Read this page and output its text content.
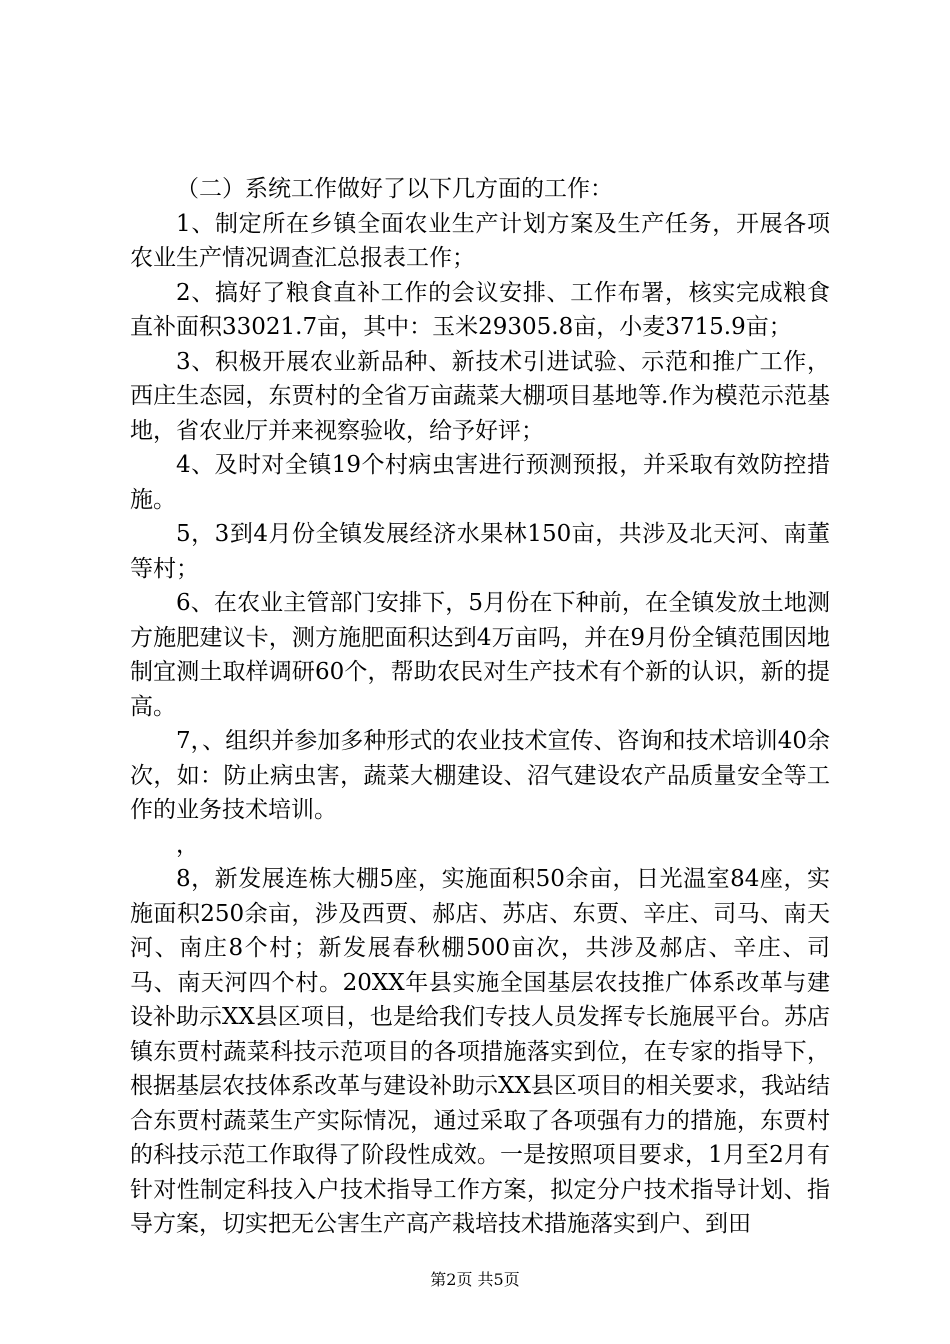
（二）系统工作做好了以下几方面的工作：

1、制定所在乡镇全面农业生产计划方案及生产任务，开展各项农业生产情况调查汇总报表工作；

2、搞好了粮食直补工作的会议安排、工作布署，核实完成粮食直补面积33021.7亩，其中：玉米29305.8亩，小麦3715.9亩；

3、积极开展农业新品种、新技术引进试验、示范和推广工作，西庄生态园，东贾村的全省万亩蔬菜大棚项目基地等.作为模范示范基地，省农业厅并来视察验收，给予好评；

4、及时对全镇19个村病虫害进行预测预报，并采取有效防控措施。

5，3到4月份全镇发展经济水果林150亩，共涉及北天河、南董等村；

6、在农业主管部门安排下，5月份在下种前，在全镇发放土地测方施肥建议卡，测方施肥面积达到4万亩吗，并在9月份全镇范围因地制宜测土取样调研60个，帮助农民对生产技术有个新的认识，新的提高。

7，、组织并参加多种形式的农业技术宣传、咨询和技术培训40余次，如：防止病虫害，蔬菜大棚建设、沼气建设农产品质量安全等工作的业务技术培训。

，

8，新发展连栋大棚5座，实施面积50余亩，日光温室84座，实施面积250余亩，涉及西贾、郝店、苏店、东贾、辛庄、司马、南天河、南庄8个村；新发展春秋棚500亩次，共涉及郝店、辛庄、司马、南天河四个村。20XX年县实施全国基层农技推广体系改革与建设补助示XX县区项目，也是给我们专技人员发挥专长施展平台。苏店镇东贾村蔬菜科技示范项目的各项措施落实到位，在专家的指导下，根据基层农技体系改革与建设补助示XX县区项目的相关要求，我站结合东贾村蔬菜生产实际情况，通过采取了各项强有力的措施，东贾村的科技示范工作取得了阶段性成效。一是按照项目要求，1月至2月有针对性制定科技入户技术指导工作方案，拟定分户技术指导计划、指导方案，切实把无公害生产高产栽培技术措施落实到户、到田

第2页 共5页
